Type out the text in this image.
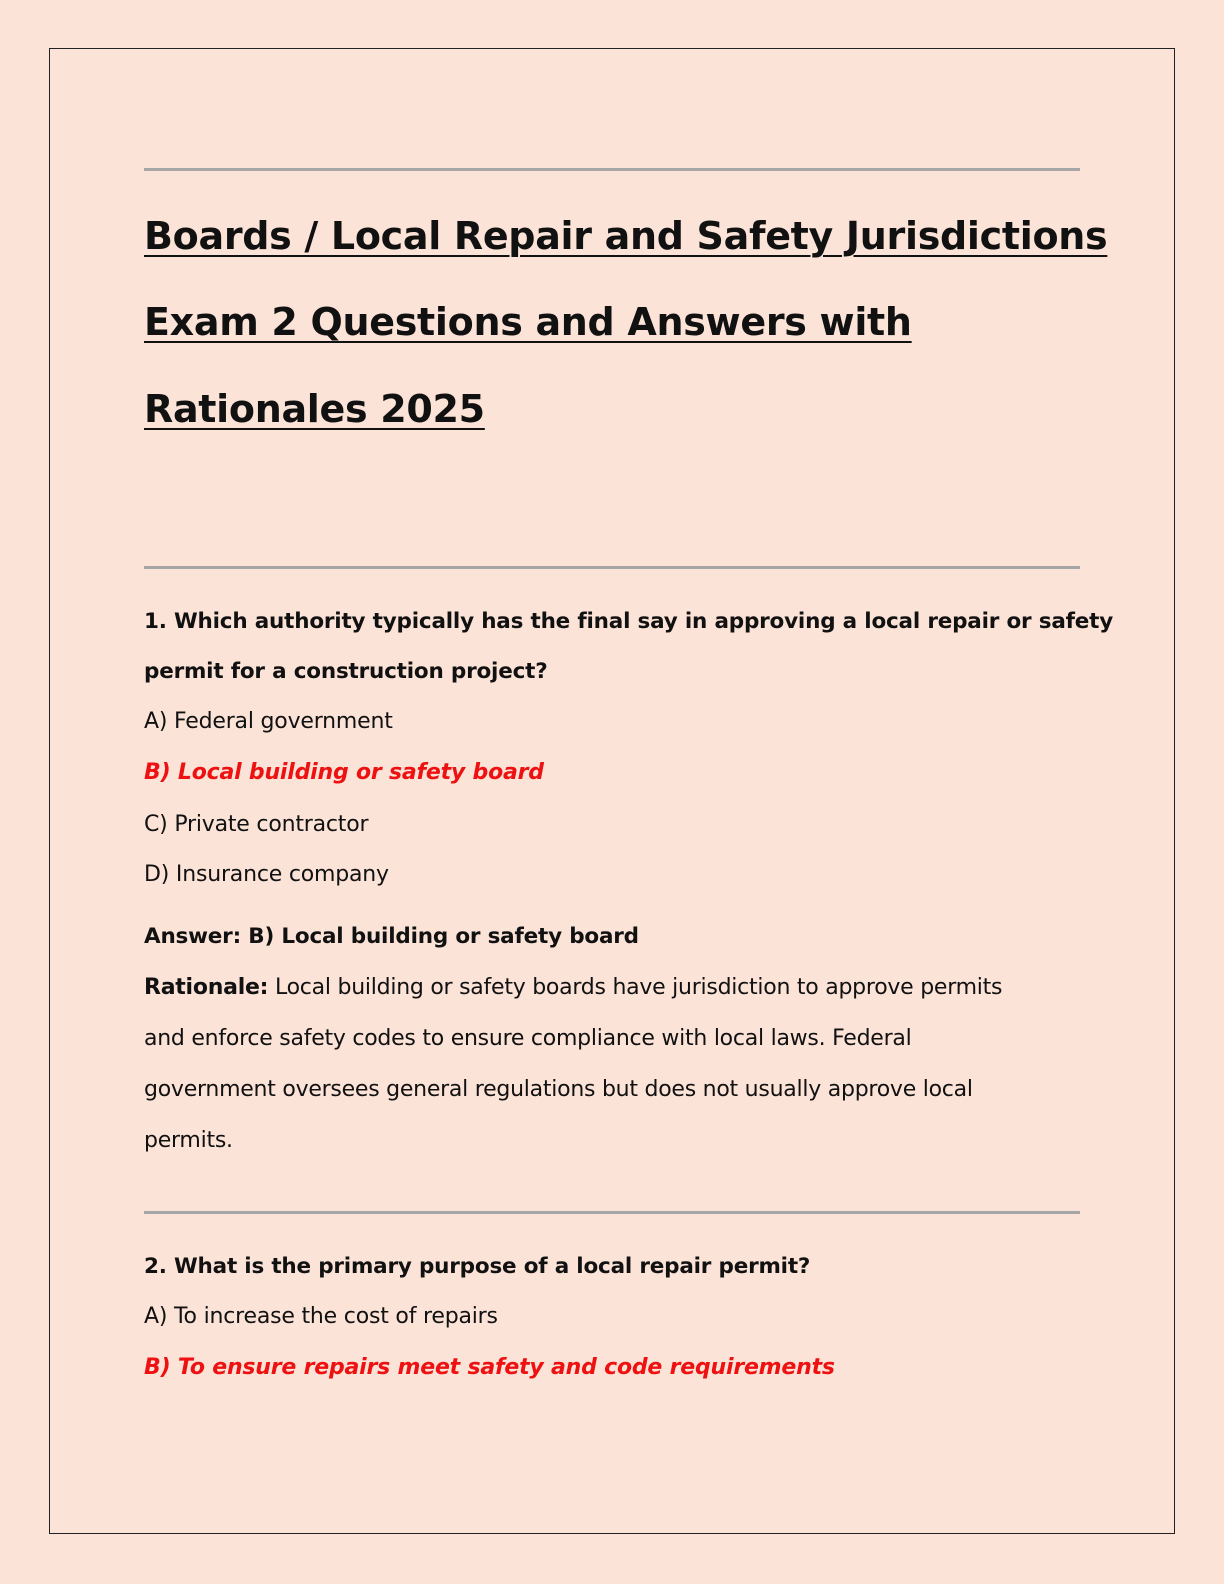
Boards / Local Repair and Safety Jurisdictions
Exam 2 Questions and Answers with
Rationales 2025
1. Which authority typically has the final say in approving a local repair or safety
permit for a construction project?
A) Federal government
B) Local building or safety board
C) Private contractor
D) Insurance company
Answer: B) Local building or safety board
Rationale: Local building or safety boards have jurisdiction to approve permits
and enforce safety codes to ensure compliance with local laws. Federal
government oversees general regulations but does not usually approve local
permits.
2. What is the primary purpose of a local repair permit?
A) To increase the cost of repairs
B) To ensure repairs meet safety and code requirements
